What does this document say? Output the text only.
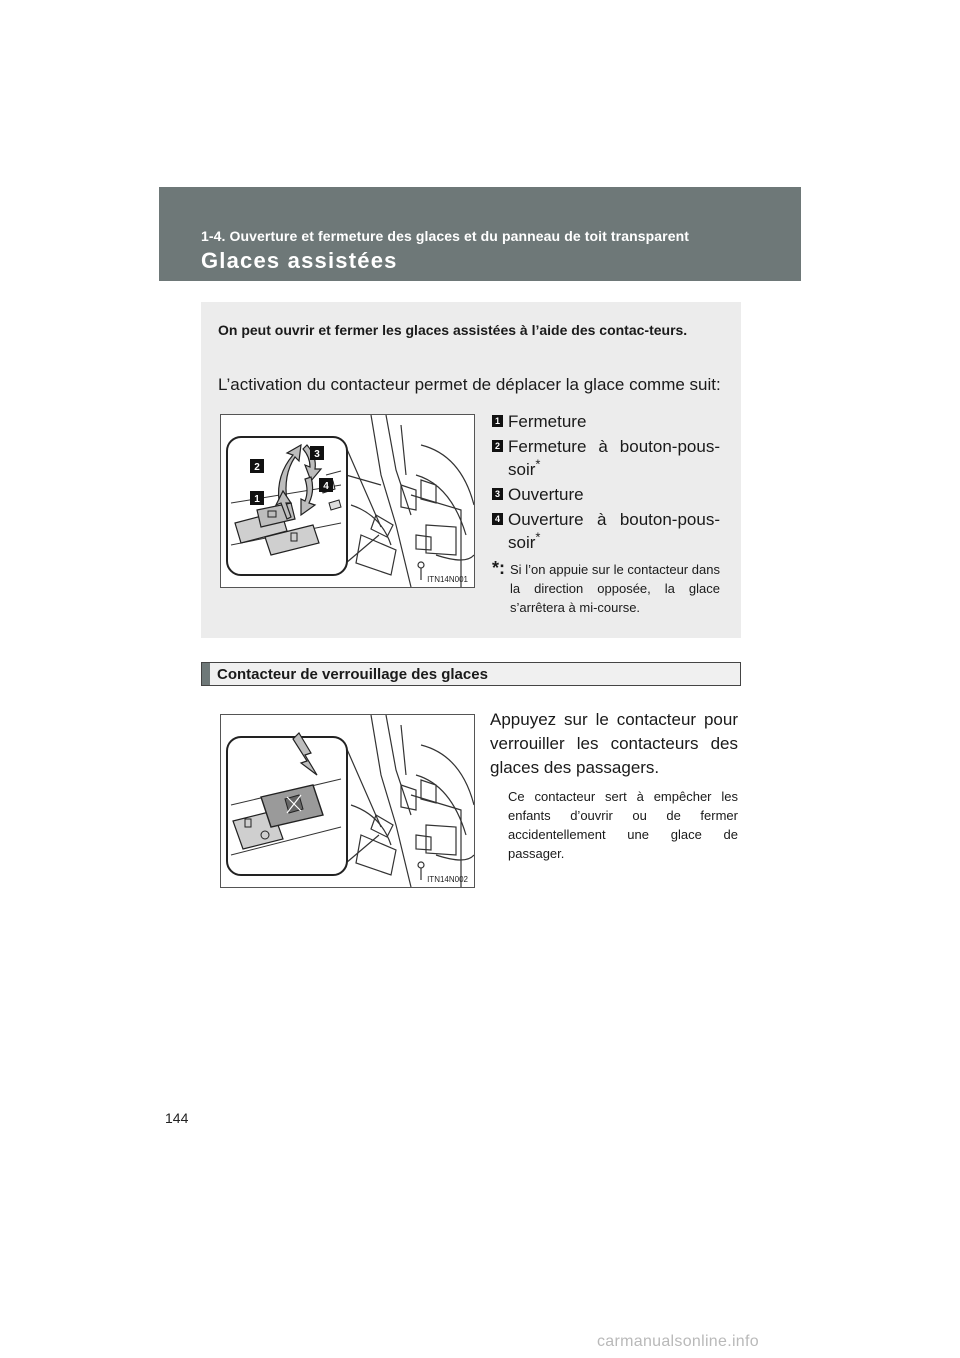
1-4. Ouverture et fermeture des glaces et du panneau de toit transparent
Glaces assistées
On peut ouvrir et fermer les glaces assistées à l’aide des contac-teurs.
L’activation du contacteur permet de déplacer la glace comme suit:
2
3
1
4
ITN14N001
1 Fermeture
2 Fermeture à bouton-pous-soir*
3 Ouverture
4 Ouverture à bouton-pous-soir*
*: Si l’on appuie sur le contacteur dans la direction opposée, la glace s’arrêtera à mi-course.
Contacteur de verrouillage des glaces
ITN14N002
Appuyez sur le contacteur pour verrouiller les contacteurs des glaces des passagers.
Ce contacteur sert à empêcher les enfants d’ouvrir ou de fermer accidentellement une glace de passager.
144
carmanualsonline.info
